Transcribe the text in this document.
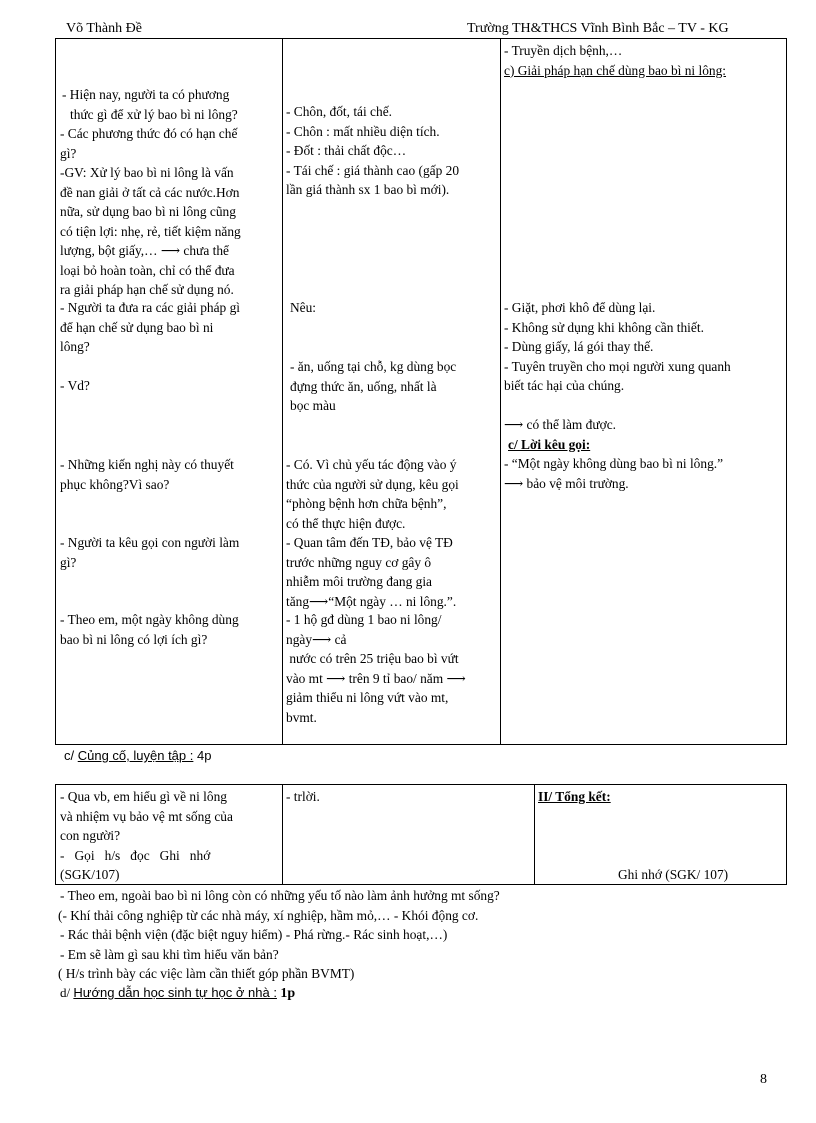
Võ Thành Đề	Trường TH&THCS Vĩnh Bình Bắc – TV - KG

- Hiện nay, người ta có phương

thức gì để xử lý bao bì ni lông?

- Các phương thức đó có hạn chế

gì?

-GV: Xử lý bao bì ni lông là vấn

đề nan giải ở tất cả các nước.Hơn

nữa, sử dụng bao bì ni lông cũng

có tiện lợi: nhẹ, rẻ, tiết kiệm năng

lượng, bột giấy,… ⟶ chưa thể

loại bỏ hoàn toàn, chỉ có thể đưa

ra giải pháp hạn chế sử dụng nó.

- Người ta đưa ra các giải pháp gì

để hạn chế sử dụng bao bì ni

lông?

- Vd?

- Những kiến nghị này có thuyết

phục không?Vì sao?

- Người ta kêu gọi con người làm

gì?

- Theo em, một ngày không dùng

bao bì ni lông có lợi ích gì?

- Chôn, đốt, tái chế.

- Chôn : mất nhiều diện tích.

- Đốt : thải chất độc…

- Tái chế : giá thành cao (gấp 20

lần giá thành sx 1 bao bì mới).

Nêu:

- ăn, uống tại chỗ, kg dùng bọc

đựng thức ăn, uống, nhất là

bọc màu

- Có. Vì chủ yếu tác động vào ý

thức của người sử dụng, kêu gọi

“phòng bệnh hơn chữa bệnh”,

có thể thực hiện được.

- Quan tâm đến TĐ, bảo vệ TĐ

trước những nguy cơ gây ô

nhiễm môi trường đang gia

tăng⟶“Một ngày … ni lông.”.

- 1 hộ gđ dùng 1 bao ni lông/

ngày⟶ cả

nước có trên 25 triệu bao bì vứt

vào mt ⟶ trên 9 tỉ bao/ năm ⟶

giảm thiểu ni lông vứt vào mt,

bvmt.

- Truyền dịch bệnh,…

c) Giải pháp hạn chế dùng bao bì ni lông:

- Giặt, phơi khô để dùng lại.

- Không sử dụng khi không cần thiết.

- Dùng giấy, lá gói thay thế.

- Tuyên truyền cho mọi người xung quanh

biết tác hại của chúng.

⟶ có thể làm được.

c/ Lời kêu gọi:

- “Một ngày không dùng bao bì ni lông.”

⟶ bảo vệ môi trường.

c/ Củng cố, luyện tập : 4p

- Qua vb, em hiểu gì về ni lông

và nhiệm vụ bảo vệ mt sống của

con người?

-   Gọi   h/s   đọc   Ghi   nhớ

(SGK/107)

- trlời.	II/ Tổng kết:

Ghi nhớ (SGK/ 107)

- Theo em, ngoài bao bì ni lông còn có những yếu tố nào làm ảnh hưởng mt sống?

(- Khí thải công nghiệp từ các nhà máy, xí nghiệp, hầm mỏ,… - Khói động cơ.

- Rác thải bệnh viện (đặc biệt nguy hiểm) - Phá rừng.- Rác sinh hoạt,…)

- Em sẽ làm gì sau khi tìm hiểu văn bản?

( H/s trình bày các việc làm cần thiết góp phần BVMT)

d/ Hướng dẫn học sinh tự học ở nhà : 1p
8
